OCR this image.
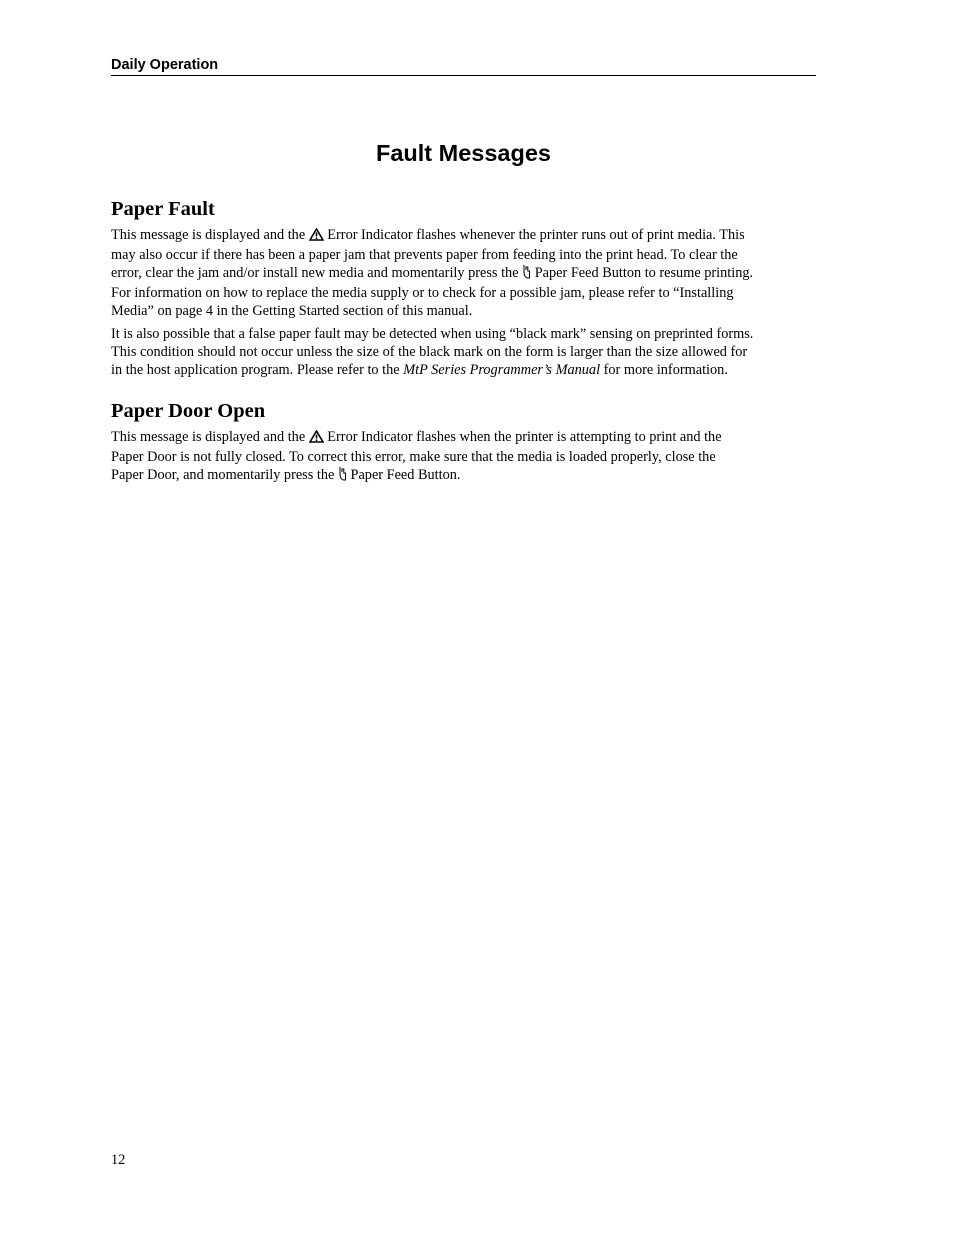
Daily Operation
Fault Messages
Paper Fault

This message is displayed and the  Error Indicator flashes whenever the printer runs out of print media. This
may also occur if there has been a paper jam that prevents paper from feeding into the print head. To clear the
error, clear the jam and/or install new media and momentarily press the  Paper Feed Button to resume printing.
For information on how to replace the media supply or to check for a possible jam, please refer to “Installing
Media” on page 4 in the Getting Started section of this manual.

It is also possible that a false paper fault may be detected when using “black mark” sensing on preprinted forms.
This condition should not occur unless the size of the black mark on the form is larger than the size allowed for
in the host application program. Please refer to the MtP Series Programmer’s Manual for more information.

Paper Door Open

This message is displayed and the  Error Indicator flashes when the printer is attempting to print and the
Paper Door is not fully closed. To correct this error, make sure that the media is loaded properly, close the
Paper Door, and momentarily press the  Paper Feed Button.

12
